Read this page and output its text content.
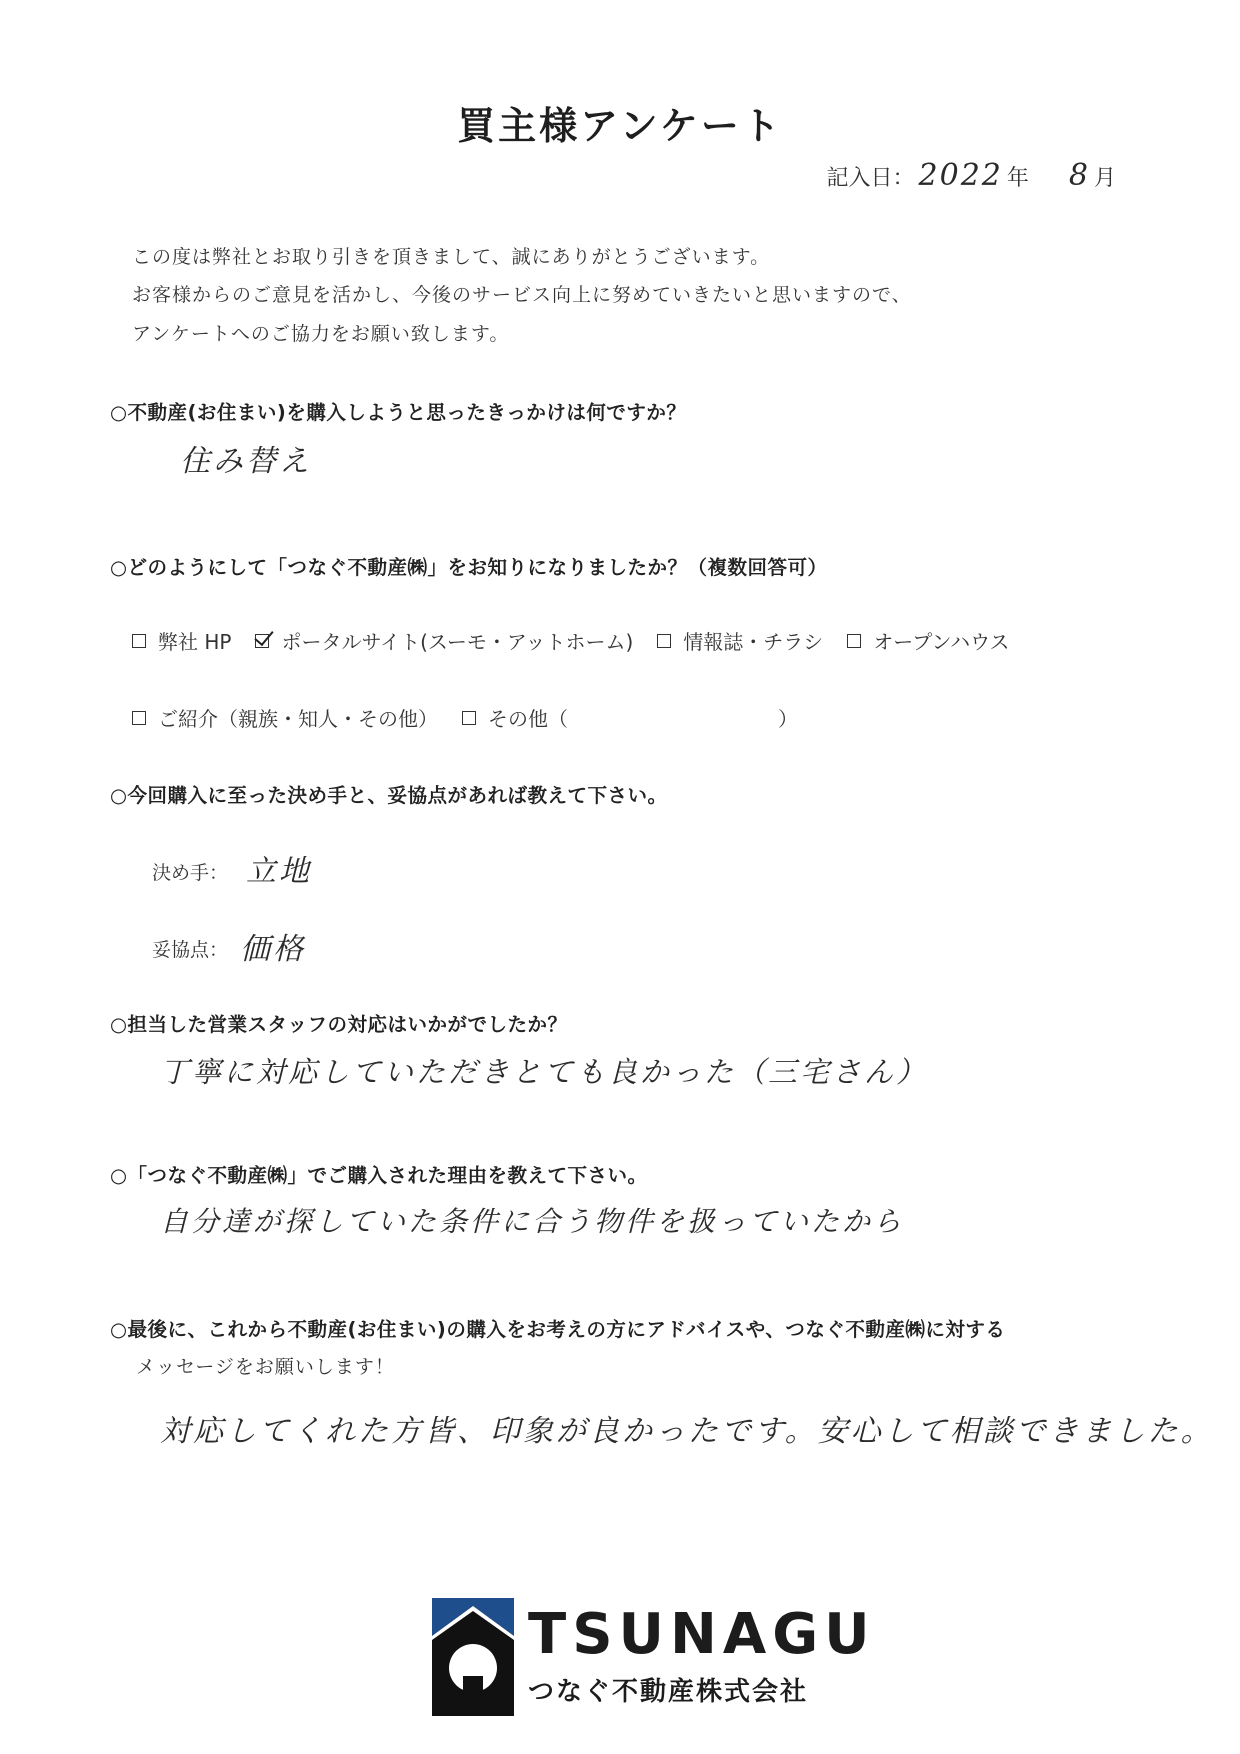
買主様アンケート
記入日： 2022 年 8 月
この度は弊社とお取り引きを頂きまして、誠にありがとうございます。
お客様からのご意見を活かし、今後のサービス向上に努めていきたいと思いますので、
アンケートへのご協力をお願い致します。
○不動産(お住まい)を購入しようと思ったきっかけは何ですか？
住み替え
○どのようにして「つなぐ不動産㈱」をお知りになりましたか？（複数回答可）
弊社 HP	ポータルサイト(スーモ・アットホーム)	情報誌・チラシ	オープンハウス
ご紹介（親族・知人・その他）	その他（	）
○今回購入に至った決め手と、妥協点があれば教えて下さい。
決め手： 立地
妥協点： 価格
○担当した営業スタッフの対応はいかがでしたか？
丁寧に対応していただきとても良かった（三宅さん）
○「つなぐ不動産㈱」でご購入された理由を教えて下さい。
自分達が探していた条件に合う物件を扱っていたから
○最後に、これから不動産(お住まい)の購入をお考えの方にアドバイスや、つなぐ不動産㈱に対する
メッセージをお願いします！
対応してくれた方皆、印象が良かったです。安心して相談できました。
TSUNAGU
つなぐ不動産株式会社
